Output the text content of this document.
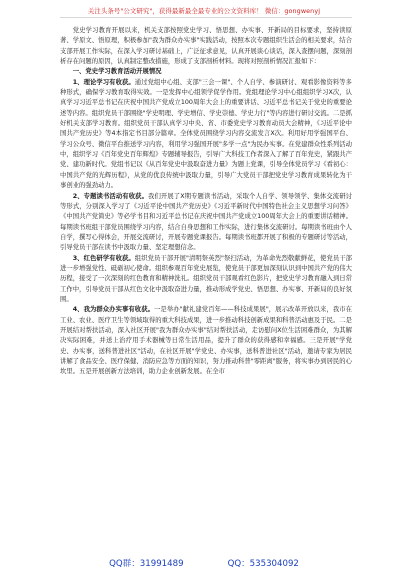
关注头条号"公文研究"，获得最新最全最专业的公文资料库！ 微信：gongwenyj

党史学习教育开展以来，机关支部按照党史学习、悟思想、办实事、开新局的目标要求，坚持读原著、学原文、悟原理，积极参加"我为群众办实事"实践活动，按照本次专题组织生活会的相关要求，结合支部开展工作实际，在深入学习研讨基础上，广泛征求意见，认真开展谈心谈话，深入查摆问题，深刻剖析存在问题的原因，认真制定整改措施，形成了支部剖析材料。现将对照剖析情况汇报如下：

一、党史学习教育活动开展情况

1、理论学习有收获。通过党组中心组、支部"三会一课"、个人自学、参演研讨、观看影像资料等多种形式，确保学习教育取得实效。一是发挥中心组领学促学作用。党组理论学习中心组组织学习X次，认真学习习近平总书记在庆祝中国共产党成立100周年大会上的重要讲话、习近平总书记关于党史的重要论述等内容。组织党员干部围绕"学史明理、学史增信、学史崇德、学史力行"等内容进行研讨交流。二是抓好机关支部学习教育。组织党员干部认真学习中央、省、市委党史学习教育动员大会精神，《习近平论中国共产党历史》等4本指定书目部分篇章。全体党员围绕学习内容交流发言X次。利用好用学强国平台、学习公众号、微信平台推送学习内容，利用学习强国开展"多学一点"为民办实事。在党建群众性系列活动中，组织学习《百年党史百年辉煌》专题辅导报告，引导广大科技工作者深入了解了百年党史，紧跟共产党、建功新时代。党组书记以《从百年党史中汲取奋进力量》为题上党课，引导全体党员学习《看初心：中国共产党的光辉历程》，从党的优良传统中汲取力量，引导广大党员干部把党史学习教育成果转化为干事创业的强劲动力。

2、专题读书活动有收获。我们开展了X期专题读书活动，采取个人自学、领导领学、集体交流研讨等形式，分别深入学习了《习近平论中国共产党历史》《习近平新时代中国特色社会主义思想学习问答》《中国共产党简史》等必学书目和习近平总书记在庆祝中国共产党成立100周年大会上的重要讲话精神。每期读书班组干部党员围绕学习内容，结合自身思想和工作实际，进行集体交流研讨。每期读书班由个人自学，撰写心得体会，开展交流研讨，开展专题党课报告。每期读书班都开展了积极的专题研讨等活动，引导党员干部在读书中汲取力量、坚定理想信念。

3、红色研学有收获。组织党员干部开展"清明祭英烈"祭扫活动，为革命先烈敬献鲜花，使党员干部进一步增强党性、砥砺初心使命。组织参观百年党史展览，使党员干部更加深刻认识到中国共产党的伟大历程，接受了一次深刻的红色教育和精神洗礼。组织党员干部观看红色影片，把党史学习教育融入到日常工作中，引导党员干部从红色文化中汲取奋进力量，推动形成学党史、悟思想、办实事、开新局的良好氛围。

4、我为群众办实事有收获。一是举办"献礼建党百年——科技成果展"，展示改革开放以来，我市在工业、农业、医疗卫生等领域取得的重大科技成果，进一步推动科技创新成果和科普活动惠及于民。二是开展结对帮扶活动，深入社区开展"我为群众办实事"结对帮扶活动，走访慰问X位生活困难群众，为其解决实际困难，并送上治疗用手术器械等日常生活用品，提升了群众的获得感和幸福感。三是开展"学党史、办实事，送科普进社区"活动，在社区开展"学党史、办实事，送科普进社区"活动，邀请专家为居民讲解了食品安全、医疗保健、消防应急等方面的知识，努力推动科普"零距离"服务，将实事办到居民的心坎里。五是开展创新方法培训，助力企业创新发展。在全市

QQ群：31991489	QQ：535304092
